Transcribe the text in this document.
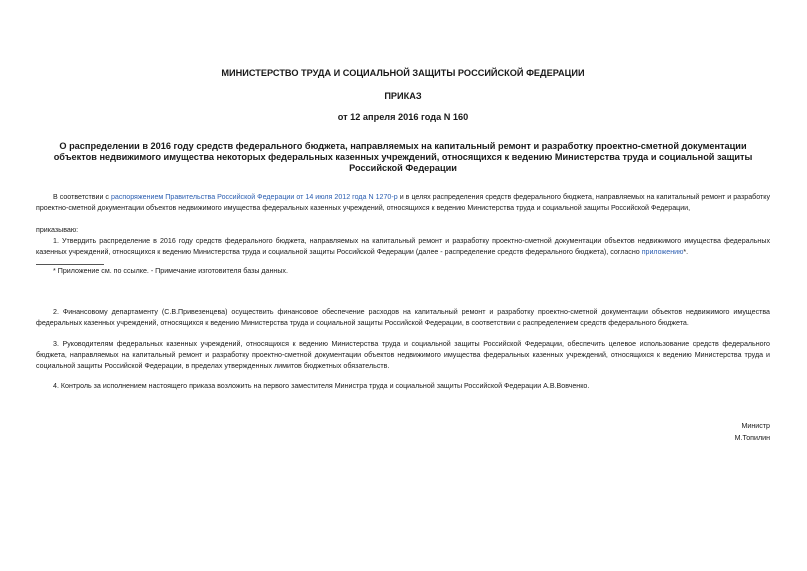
МИНИСТЕРСТВО ТРУДА И СОЦИАЛЬНОЙ ЗАЩИТЫ РОССИЙСКОЙ ФЕДЕРАЦИИ
ПРИКАЗ
от 12 апреля 2016 года N 160
О распределении в 2016 году средств федерального бюджета, направляемых на капитальный ремонт и разработку проектно-сметной документации объектов недвижимого имущества некоторых федеральных казенных учреждений, относящихся к ведению Министерства труда и социальной защиты Российской Федерации
В соответствии с распоряжением Правительства Российской Федерации от 14 июля 2012 года N 1270-р и в целях распределения средств федерального бюджета, направляемых на капитальный ремонт и разработку проектно-сметной документации объектов недвижимого имущества федеральных казенных учреждений, относящихся к ведению Министерства труда и социальной защиты Российской Федерации,
приказываю:
1. Утвердить распределение в 2016 году средств федерального бюджета, направляемых на капитальный ремонт и разработку проектно-сметной документации объектов недвижимого имущества федеральных казенных учреждений, относящихся к ведению Министерства труда и социальной защиты Российской Федерации (далее - распределение средств федерального бюджета), согласно приложению*.
* Приложение см. по ссылке. - Примечание изготовителя базы данных.
2. Финансовому департаменту (С.В.Привезенцева) осуществить финансовое обеспечение расходов на капитальный ремонт и разработку проектно-сметной документации объектов недвижимого имущества федеральных казенных учреждений, относящихся к ведению Министерства труда и социальной защиты Российской Федерации, в соответствии с распределением средств федерального бюджета.
3. Руководителям федеральных казенных учреждений, относящихся к ведению Министерства труда и социальной защиты Российской Федерации, обеспечить целевое использование средств федерального бюджета, направляемых на капитальный ремонт и разработку проектно-сметной документации объектов недвижимого имущества федеральных казенных учреждений, относящихся к ведению Министерства труда и социальной защиты Российской Федерации, в пределах утвержденных лимитов бюджетных обязательств.
4. Контроль за исполнением настоящего приказа возложить на первого заместителя Министра труда и социальной защиты Российской Федерации А.В.Вовченко.
Министр
М.Топилин
